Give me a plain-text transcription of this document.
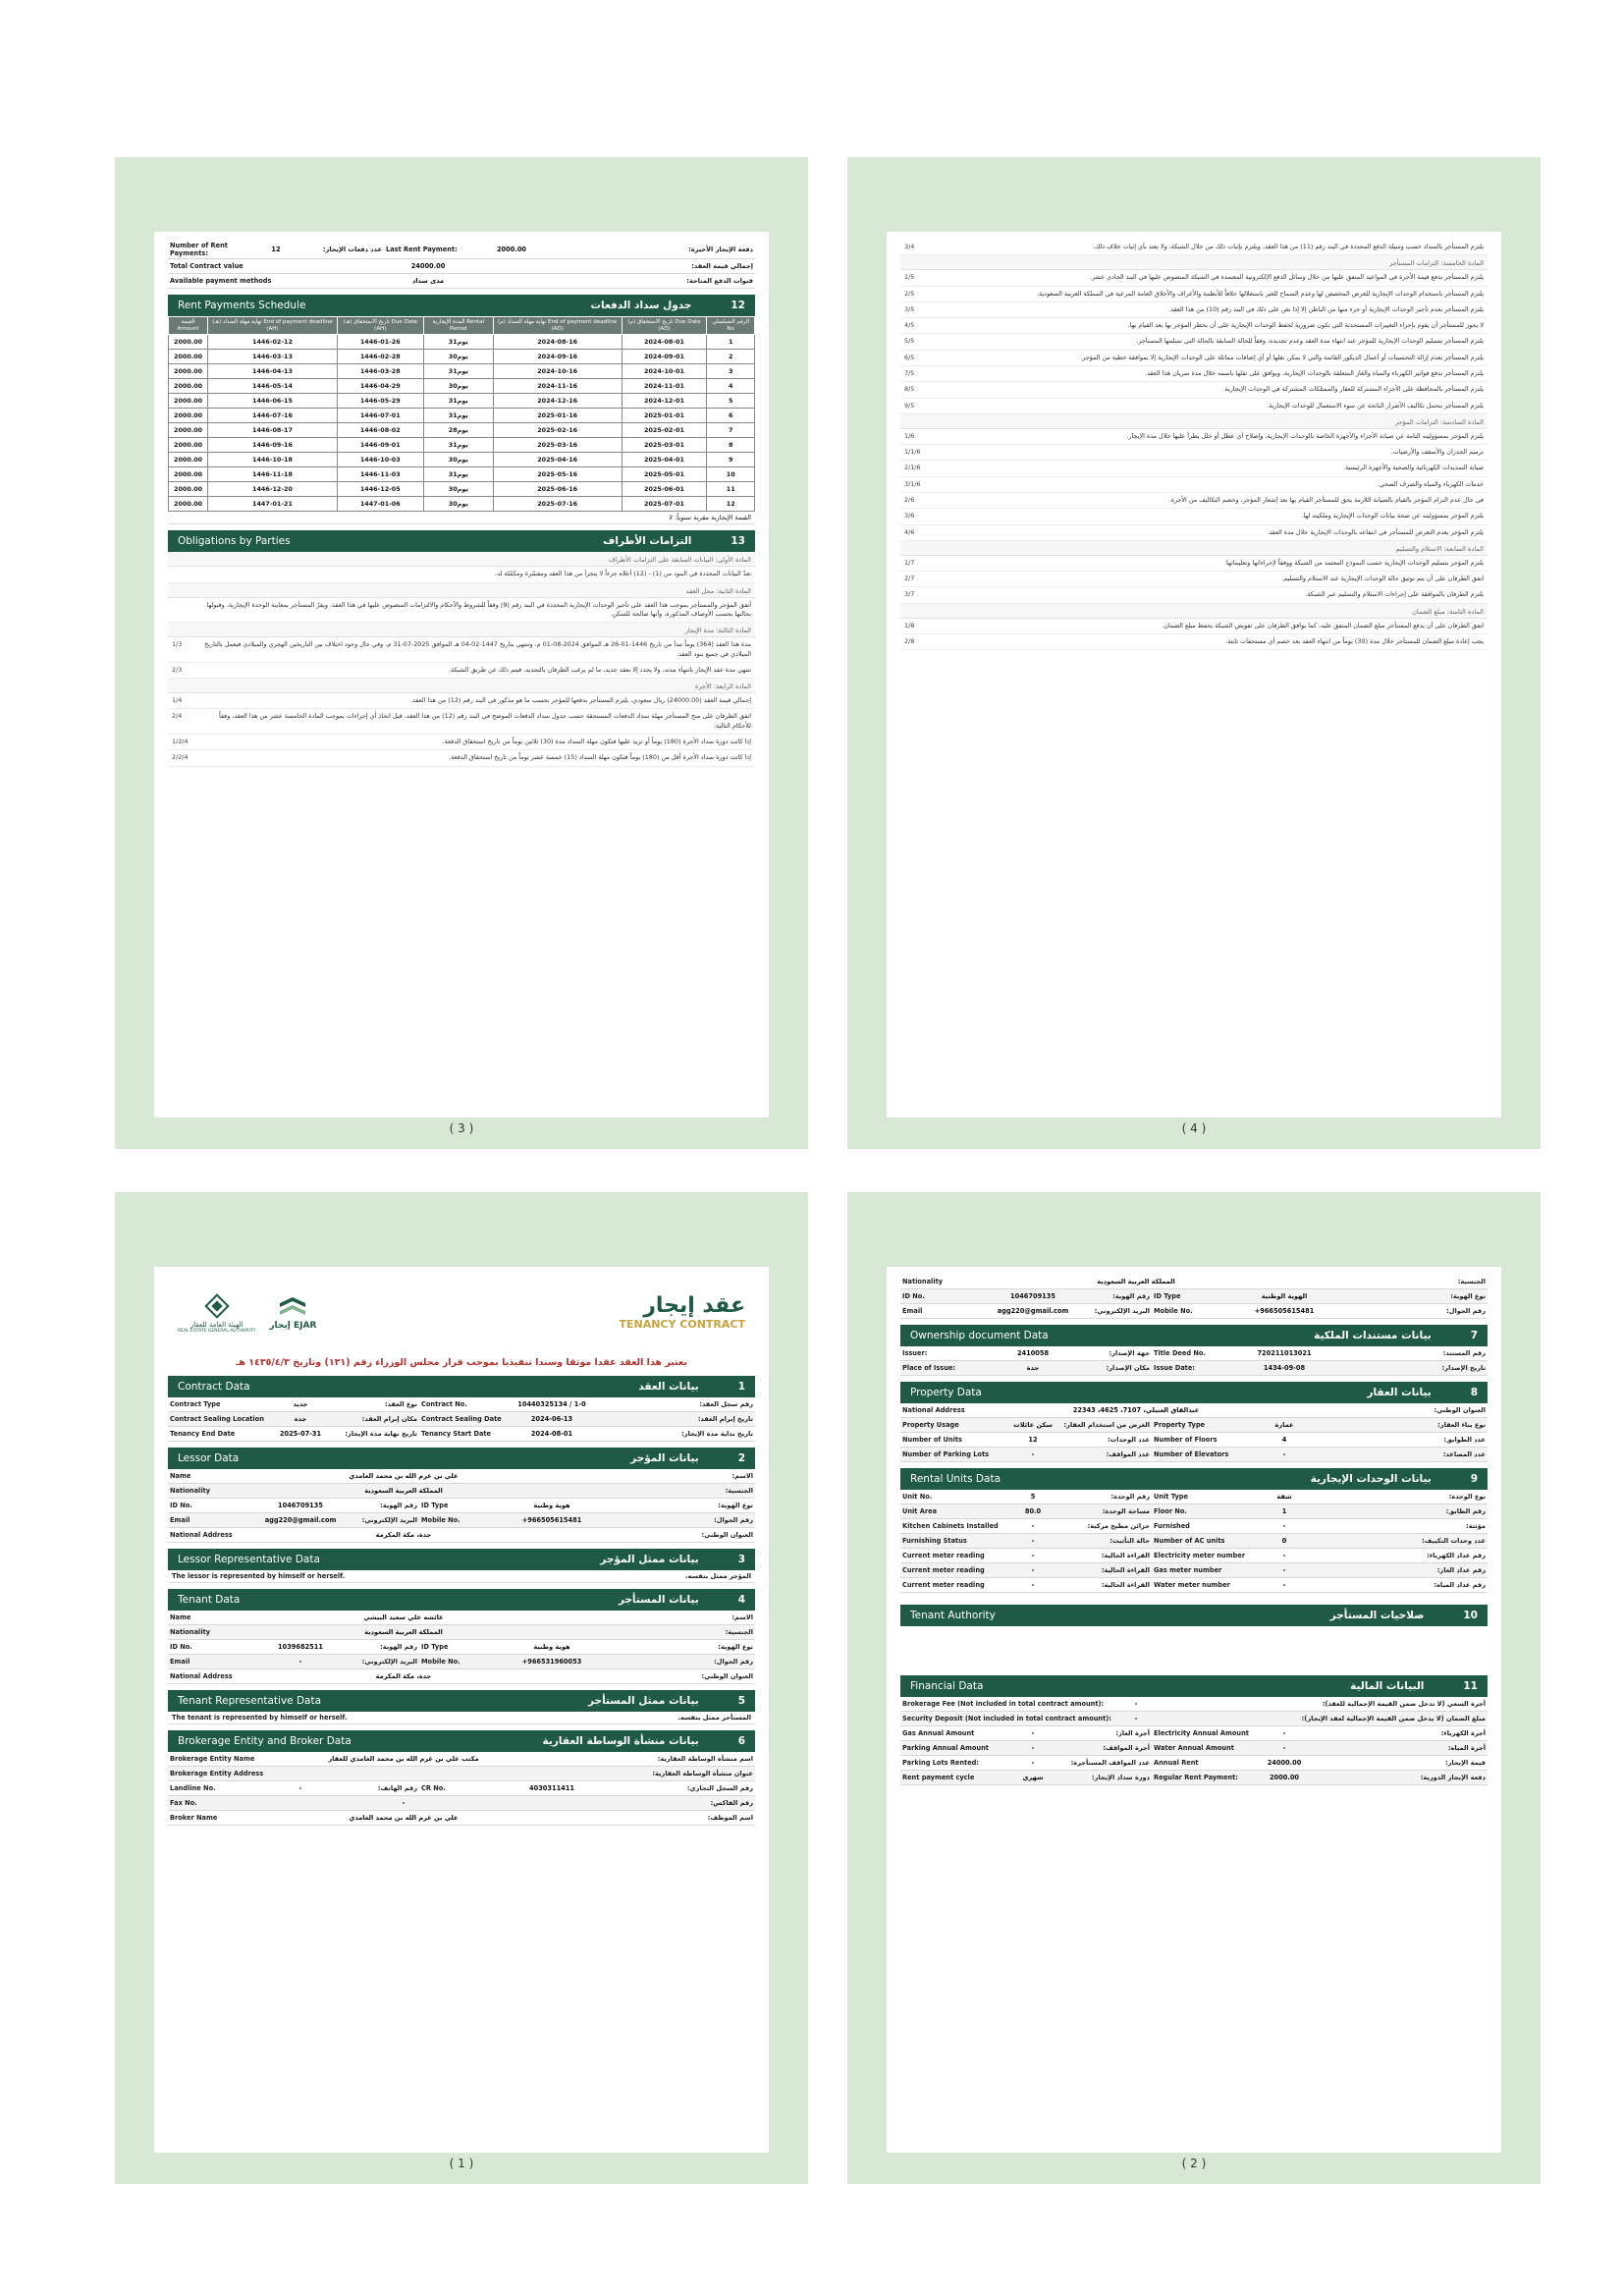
Number of Rent Payments:	12	عدد دفعات الإيجار: Last Rent Payment:	2000.00	دفعة الإيجار الأخيرة:
Total Contract value	24000.00	إجمالي قيمة العقد:
Available payment methods	مدى سداد	قنوات الدفع المتاحة:
Rent Payments Schedule	جدول سداد الدفعات	12
القيمة Amount	نهاية مهلة السداد (هـ) End of payment deadline (AH)	تاريخ الاستحقاق (هـ) Due Date (AH)	المدة الإيجارية Rental Period	نهاية مهلة السداد (م) End of payment deadline (AD)	تاريخ الاستحقاق (م) Due Date (AD)	الرقم التسلسلي No
2000.00	1446-02-12	1446-01-26	31يوم	2024-08-16	2024-08-01	1
2000.00	1446-03-13	1446-02-28	30يوم	2024-09-16	2024-09-01	2
2000.00	1446-04-13	1446-03-28	31يوم	2024-10-16	2024-10-01	3
2000.00	1446-05-14	1446-04-29	30يوم	2024-11-16	2024-11-01	4
2000.00	1446-06-15	1446-05-29	31يوم	2024-12-16	2024-12-01	5
2000.00	1446-07-16	1446-07-01	31يوم	2025-01-16	2025-01-01	6
2000.00	1446-08-17	1446-08-02	28يوم	2025-02-16	2025-02-01	7
2000.00	1446-09-16	1446-09-01	31يوم	2025-03-16	2025-03-01	8
2000.00	1446-10-18	1446-10-03	30يوم	2025-04-16	2025-04-01	9
2000.00	1446-11-18	1446-11-03	31يوم	2025-05-16	2025-05-01	10
2000.00	1446-12-20	1446-12-05	30يوم	2025-06-16	2025-06-01	11
2000.00	1447-01-21	1447-01-06	30يوم	2025-07-16	2025-07-01	12
القيمة الإيجارية مقربة سنوياً: لا
Obligations by Parties	التزامات الأطراف	13
المادة الأولى: البيانات السابقة على التزامات الأطراف
تعدّ البيانات المحددة في البنود من (1) - (12) أعلاه جزءاً لا يتجزأ من هذا العقد ومفسّرة ومكمّلة له.
المادة الثانية: محل العقد
أتفق المؤجر والمستأجر بموجب هذا العقد على تأجير الوحدات الإيجارية المحددة في البند رقم (9) وفقاً للشروط والأحكام والالتزامات المنصوص عليها في هذا العقد، ويقرّ المستأجر بمعاينة الوحدة الإيجارية، وقبولها بحالتها بحسب الأوصاف المذكورة، وأنها صالحة للسكن.
المادة الثالثة: مدة الإيجار
1/3	مدة هذا العقد (364) يوماً تبدأ من تاريخ 1446-01-26 هـ الموافق 2024-08-01 م، وتنتهي بتاريخ 1447-02-04 هـ الموافق 2025-07-31 م، وفي حال وجود اختلاف بين التاريخين الهجري والميلادي فيعمل بالتاريخ الميلادي في جميع بنود العقد.
2/3	تنتهي مدة عقد الإيجار بانتهاء مدته، ولا يجدد إلا بعقد جديد، ما لم يرغب الطرفان بالتجديد، فيتم ذلك عن طريق الشبكة.
المادة الرابعة: الأجرة
1/4	إجمالي قيمة العقد (24000.00) ريال سعودي، يلتزم المستأجر بدفعها للمؤجر بحسب ما هو مذكور في البند رقم (12) من هذا العقد.
2/4	اتفق الطرفان على منح المستأجر مهلة سداد الدفعات المستحقة حسب جدول سداد الدفعات الموضح في البند رقم (12) من هذا العقد، قبل اتخاذ أي إجراءات بموجب المادة الخامسة عشر من هذا العقد، وفقاً للأحكام التالية:
1/2/4	إذا كانت دورة سداد الأجرة (180) يوماً أو تزيد عليها فتكون مهلة السداد مدة (30) ثلاثين يوماً من تاريخ استحقاق الدفعة.
2/2/4	إذا كانت دورة سداد الأجرة أقل من (180) يوماً فتكون مهلة السداد (15) خمسة عشر يوماً من تاريخ استحقاق الدفعة.
( 3 )
3/4	يلتزم المستأجر بالسداد حسب وسيلة الدفع المحددة في البند رقم (11) من هذا العقد، ويلتزم بإثبات ذلك من خلال الشبكة، ولا يعتد بأي إثبات خلاف ذلك.
المادة الخامسة: التزامات المستأجر
1/5	يلتزم المستأجر بدفع قيمة الأجرة في المواعيد المتفق عليها من خلال وسائل الدفع الإلكترونية المعتمدة في الشبكة المنصوص عليها في البند الحادي عشر.
2/5	يلتزم المستأجر باستخدام الوحدات الإيجارية للغرض المخصص لها وعدم السماح للغير باستغلالها خلافاً للأنظمة والأعراف والأخلاق العامة المرعية في المملكة العربية السعودية.
3/5	يلتزم المستأجر بعدم تأجير الوحدات الإيجارية أو جزء منها من الباطن إلا إذا نص على ذلك في البند رقم (10) من هذا العقد.
4/5	لا يجوز للمستأجر أن يقوم بإجراء التغييرات المستحدثة التي تكون ضرورية لحفظ الوحدات الإيجارية على أن يخطر المؤجر بها بعد القيام بها.
5/5	يلتزم المستأجر بتسليم الوحدات الإيجارية للمؤجر عند انتهاء مدة العقد وعدم تجديده، وفقاً للحالة السابقة بالحالة التي تسلمها المستأجر.
6/5	يلتزم المستأجر بعدم إزالة التحسينات أو أعمال الديكور القائمة والتي لا يمكن نقلها أو أي إضافات مماثلة على الوحدات الإيجارية إلا بموافقة خطية من المؤجر.
7/5	يلتزم المستأجر بدفع فواتير الكهرباء والمياه والغاز المتعلقة بالوحدات الإيجارية، ويوافق على نقلها باسمه خلال مدة سريان هذا العقد.
8/5	يلتزم المستأجر بالمحافظة على الأجزاء المشتركة للعقار والممتلكات المشتركة في الوحدات الإيجارية.
9/5	يلتزم المستأجر بتحمل تكاليف الأضرار الناتجة عن سوء الاستعمال للوحدات الإيجارية.
المادة السادسة: التزامات المؤجر
1/6	يلتزم المؤجر بمسؤوليته التامة عن صيانة الأجزاء والأجهزة الخاصة بالوحدات الإيجارية، وإصلاح أي عطل أو خلل يطرأ عليها خلال مدة الإيجار.
1/1/6	ترميم الجدران والأسقف والأرضيات.
2/1/6	صيانة التمديدات الكهربائية والصحية والأجهزة الرئيسية.
3/1/6	خدمات الكهرباء والمياه والصرف الصحي.
2/6	في حال عدم التزام المؤجر بالقيام بالصيانة اللازمة يحق للمستأجر القيام بها بعد إشعار المؤجر، وخصم التكاليف من الأجرة.
3/6	يلتزم المؤجر بمسؤوليته عن صحة بيانات الوحدات الإيجارية وملكيته لها.
4/6	يلتزم المؤجر بعدم التعرض للمستأجر في انتفاعه بالوحدات الإيجارية خلال مدة العقد.
المادة السابعة: الاستلام والتسليم
1/7	يلتزم المؤجر بتسليم الوحدات الإيجارية حسب النموذج المعتمد من الشبكة ووفقاً لإجراءاتها وتعليماتها.
2/7	اتفق الطرفان على أن يتم توثيق حالة الوحدات الإيجارية عند الاستلام والتسليم.
3/7	يلتزم الطرفان بالموافقة على إجراءات الاستلام والتسليم عبر الشبكة.
المادة الثامنة: مبلغ الضمان
1/8	اتفق الطرفان على أن يدفع المستأجر مبلغ الضمان المتفق عليه، كما يوافق الطرفان على تفويض الشبكة بحفظ مبلغ الضمان.
2/8	يجب إعادة مبلغ الضمان للمستأجر خلال مدة (30) يوماً من انتهاء العقد بعد خصم أي مستحقات ثابتة.
( 4 )
الهيئة العامة للعقار
REAL ESTATE GENERAL AUTHORITY إيجار EJAR
عقد إيجار
TENANCY CONTRACT
يعتبر هذا العقد عقدا موثقا وسندا تنفيذيا بموجب قرار مجلس الوزراء رقم (١٣١) وتاريخ ١٤٣٥/٤/٣ هـ
Contract Data	بيانات العقد	1
Contract Type	جديد	نوع العقد: Contract No.	10440325134 / 1-0	رقم سجل العقد:
Contract Sealing Location	جدة	مكان إبرام العقد: Contract Sealing Date	2024-06-13	تاريخ إبرام العقد:
Tenancy End Date	2025-07-31	تاريخ نهاية مدة الإيجار: Tenancy Start Date	2024-08-01	تاريخ بداية مدة الإيجار:
Lessor Data	بيانات المؤجر	2
Name	علي بن غرم الله بن محمد الغامدي	الاسم:
Nationality	المملكة العربية السعودية	الجنسية:
ID No.	1046709135	رقم الهوية: ID Type	هوية وطنية	نوع الهوية:
Email	agg220@gmail.com	البريد الإلكتروني: Mobile No.	+966505615481	رقم الجوال:
National Address	جدة، مكة المكرمة	العنوان الوطني:
Lessor Representative Data	بيانات ممثل المؤجر	3
The lessor is represented by himself or herself.	المؤجر ممثل بنفسه.
Tenant Data	بيانات المستأجر	4
Name	عائشه علي سعيد البيشي	الاسم:
Nationality	المملكة العربية السعودية	الجنسية:
ID No.	1039682511	رقم الهوية: ID Type	هوية وطنية	نوع الهوية:
Email	-	البريد الإلكتروني: Mobile No.	+966531960053	رقم الجوال:
National Address	جدة، مكة المكرمة	العنوان الوطني:
Tenant Representative Data	بيانات ممثل المستأجر	5
The tenant is represented by himself or herself.	المستأجر ممثل بنفسه.
Brokerage Entity and Broker Data	بيانات منشأة الوساطة العقارية	6
Brokerage Entity Name	مكتب علي بن غرم الله بن محمد الغامدي للعقار	اسم منشأة الوساطة العقارية:
Brokerage Entity Address	عنوان منشأة الوساطة العقارية:
Landline No.	-	رقم الهاتف: CR No.	4030311411	رقم السجل التجاري:
Fax No.	-	رقم الفاكس:
Broker Name	علي بن غرم الله بن محمد الغامدي	اسم الموظف:
( 1 )
Nationality	المملكة العربية السعودية	الجنسية:
ID No.	1046709135	رقم الهوية: ID Type	الهوية الوطنية	نوع الهوية:
Email	agg220@gmail.com	البريد الإلكتروني: Mobile No.	+966505615481	رقم الجوال:
Ownership document Data	بيانات مستندات الملكية	7
Issuer:	2410058	جهة الإصدار: Title Deed No.	720211013021	رقم المستند:
Place of Issue:	جدة	مكان الإصدار: Issue Date:	1434-09-08	تاريخ الإصدار:
Property Data	بيانات العقار	8
National Address	عبدالقاق العتيلي، 7107، 4625، 22343	العنوان الوطني:
Property Usage	سكن عائلات	الغرض من استخدام العقار: Property Type	عمارة	نوع بناء العقار:
Number of Units	12	عدد الوحدات: Number of Floors	4	عدد الطوابق:
Number of Parking Lots	-	عدد المواقف: Number of Elevators	-	عدد المصاعد:
Rental Units Data	بيانات الوحدات الإيجارية	9
Unit No.	5	رقم الوحدة: Unit Type	شقة	نوع الوحدة:
Unit Area	80.0	مساحة الوحدة: Floor No.	1	رقم الطابق:
Kitchen Cabinets Installed	-	خزائن مطبخ مركبة: Furnished	-	مؤثثة:
Furnishing Status	-	حالة التأثيث: Number of AC units	0	عدد وحدات التكييف:
Current meter reading	-	القراءة الحالية: Electricity meter number	-	رقم عداد الكهرباء:
Current meter reading	-	القراءة الحالية: Gas meter number	-	رقم عداد الغاز:
Current meter reading	-	القراءة الحالية: Water meter number	-	رقم عداد المياه:
Tenant Authority	صلاحيات المستأجر	10
Financial Data	البيانات المالية	11
Brokerage Fee (Not included in total contract amount):	-	أجرة السعي (لا تدخل ضمن القيمة الإجمالية للعقد):
Security Deposit (Not included in total contract amount):	-	مبلغ الضمان (لا يدخل ضمن القيمة الإجمالية لعقد الإيجار):
Gas Annual Amount	-	أجرة الغاز: Electricity Annual Amount	-	أجرة الكهرباء:
Parking Annual Amount	-	أجرة المواقف: Water Annual Amount	-	أجرة المياه:
Parking Lots Rented:	-	عدد المواقف المستأجرة: Annual Rent	24000.00	قيمة الإيجار:
Rent payment cycle	شهري	دورة سداد الإيجار: Regular Rent Payment:	2000.00	دفعة الإيجار الدورية:
( 2 )
